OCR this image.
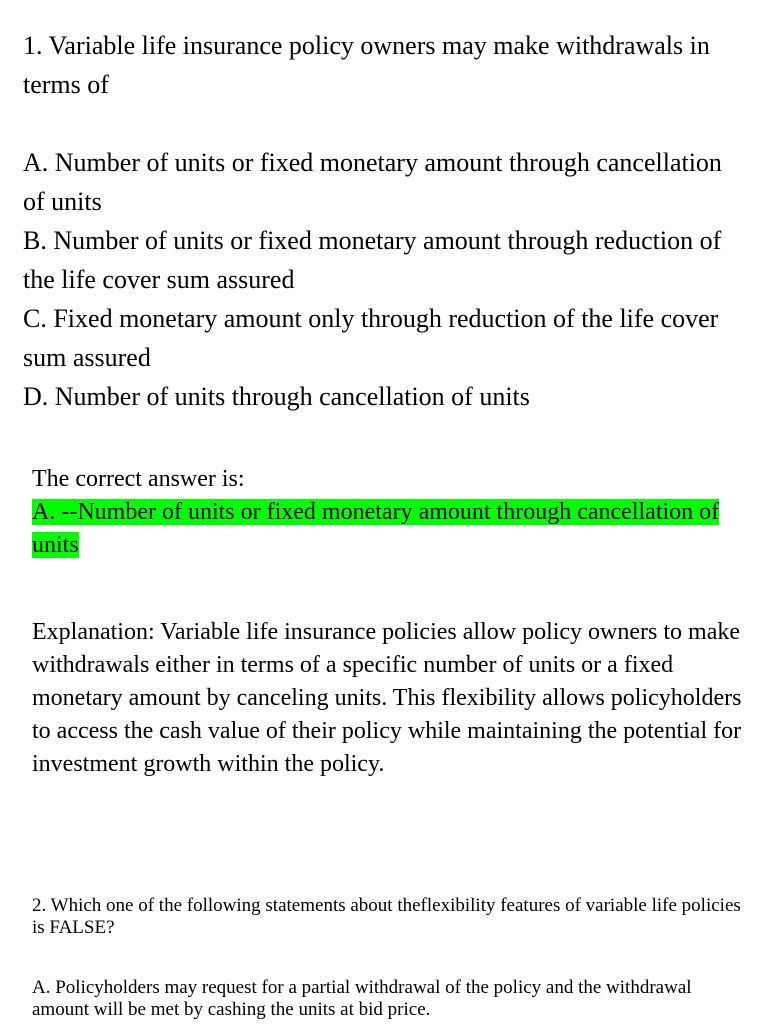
1. Variable life insurance policy owners may make withdrawals in terms of

A. Number of units or fixed monetary amount through cancellation of units

B. Number of units or fixed monetary amount through reduction of the life cover sum assured

C. Fixed monetary amount only through reduction of the life cover sum assured

D. Number of units through cancellation of units

The correct answer is:

A. --Number of units or fixed monetary amount through cancellation of units

Explanation: Variable life insurance policies allow policy owners to make withdrawals either in terms of a specific number of units or a fixed monetary amount by canceling units. This flexibility allows policyholders to access the cash value of their policy while maintaining the potential for investment growth within the policy.

2. Which one of the following statements about theflexibility features of variable life policies is FALSE?

A. Policyholders may request for a partial withdrawal of the policy and the withdrawal amount will be met by cashing the units at bid price.
